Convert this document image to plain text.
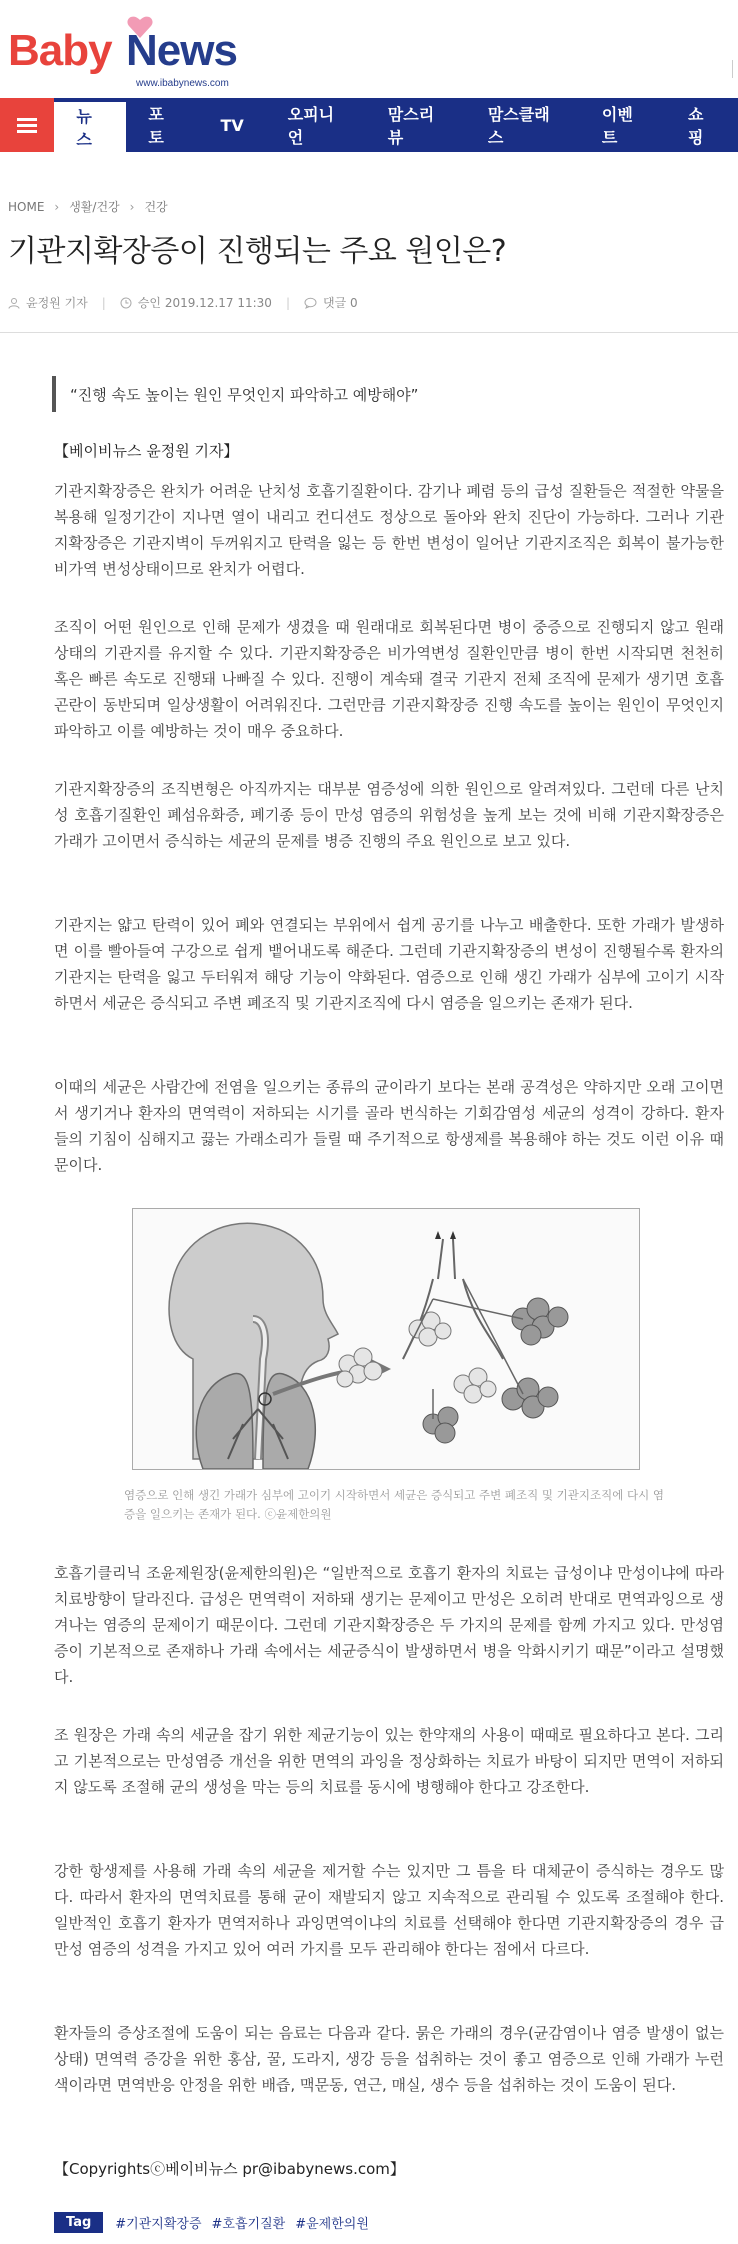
Baby News
www.ibabynews.com
뉴스
포토
TV
오피니언
맘스리뷰
맘스클래스
이벤트
쇼핑
HOME › 생활/건강 › 건강
기관지확장증이 진행되는 주요 원인은?
윤정원 기자 |	승인 2019.12.17 11:30 |	댓글 0
“진행 속도 높이는 원인 무엇인지 파악하고 예방해야”
【베이비뉴스 윤정원 기자】

기관지확장증은 완치가 어려운 난치성 호흡기질환이다. 감기나 폐렴 등의 급성 질환들은 적절한 약물을 복용해 일정기간이 지나면 열이 내리고 컨디션도 정상으로 돌아와 완치 진단이 가능하다. 그러나 기관지확장증은 기관지벽이 두꺼워지고 탄력을 잃는 등 한번 변성이 일어난 기관지조직은 회복이 불가능한 비가역 변성상태이므로 완치가 어렵다.

조직이 어떤 원인으로 인해 문제가 생겼을 때 원래대로 회복된다면 병이 중증으로 진행되지 않고 원래상태의 기관지를 유지할 수 있다. 기관지확장증은 비가역변성 질환인만큼 병이 한번 시작되면 천천히 혹은 빠른 속도로 진행돼 나빠질 수 있다. 진행이 계속돼 결국 기관지 전체 조직에 문제가 생기면 호흡곤란이 동반되며 일상생활이 어려워진다. 그런만큼 기관지확장증 진행 속도를 높이는 원인이 무엇인지 파악하고 이를 예방하는 것이 매우 중요하다.

기관지확장증의 조직변형은 아직까지는 대부분 염증성에 의한 원인으로 알려져있다. 그런데 다른 난치성 호흡기질환인 폐섬유화증, 폐기종 등이 만성 염증의 위험성을 높게 보는 것에 비해 기관지확장증은 가래가 고이면서 증식하는 세균의 문제를 병증 진행의 주요 원인으로 보고 있다.

기관지는 얇고 탄력이 있어 폐와 연결되는 부위에서 쉽게 공기를 나누고 배출한다. 또한 가래가 발생하면 이를 빨아들여 구강으로 쉽게 뱉어내도록 해준다. 그런데 기관지확장증의 변성이 진행될수록 환자의 기관지는 탄력을 잃고 두터워져 해당 기능이 약화된다. 염증으로 인해 생긴 가래가 심부에 고이기 시작하면서 세균은 증식되고 주변 폐조직 및 기관지조직에 다시 염증을 일으키는 존재가 된다.

이때의 세균은 사람간에 전염을 일으키는 종류의 균이라기 보다는 본래 공격성은 약하지만 오래 고이면서 생기거나 환자의 면역력이 저하되는 시기를 골라 번식하는 기회감염성 세균의 성격이 강하다. 환자들의 기침이 심해지고 끓는 가래소리가 들릴 때 주기적으로 항생제를 복용해야 하는 것도 이런 이유 때문이다.

염증으로 인해 생긴 가래가 심부에 고이기 시작하면서 세균은 증식되고 주변 폐조직 및 기관지조직에 다시 염증을 일으키는 존재가 된다. ⓒ윤제한의원

호흡기클리닉 조윤제원장(윤제한의원)은 “일반적으로 호흡기 환자의 치료는 급성이냐 만성이냐에 따라 치료방향이 달라진다. 급성은 면역력이 저하돼 생기는 문제이고 만성은 오히려 반대로 면역과잉으로 생겨나는 염증의 문제이기 때문이다. 그런데 기관지확장증은 두 가지의 문제를 함께 가지고 있다. 만성염증이 기본적으로 존재하나 가래 속에서는 세균증식이 발생하면서 병을 악화시키기 때문”이라고 설명했다.

조 원장은 가래 속의 세균을 잡기 위한 제균기능이 있는 한약재의 사용이 때때로 필요하다고 본다. 그리고 기본적으로는 만성염증 개선을 위한 면역의 과잉을 정상화하는 치료가 바탕이 되지만 면역이 저하되지 않도록 조절해 균의 생성을 막는 등의 치료를 동시에 병행해야 한다고 강조한다.

강한 항생제를 사용해 가래 속의 세균을 제거할 수는 있지만 그 틈을 타 대체균이 증식하는 경우도 많다. 따라서 환자의 면역치료를 통해 균이 재발되지 않고 지속적으로 관리될 수 있도록 조절해야 한다. 일반적인 호흡기 환자가 면역저하나 과잉면역이냐의 치료를 선택해야 한다면 기관지확장증의 경우 급만성 염증의 성격을 가지고 있어 여러 가지를 모두 관리해야 한다는 점에서 다르다.

환자들의 증상조절에 도움이 되는 음료는 다음과 같다. 묽은 가래의 경우(균감염이나 염증 발생이 없는 상태) 면역력 증강을 위한 홍삼, 꿀, 도라지, 생강 등을 섭취하는 것이 좋고 염증으로 인해 가래가 누런 색이라면 면역반응 안정을 위한 배즙, 맥문동, 연근, 매실, 생수 등을 섭취하는 것이 도움이 된다.

【Copyrightsⓒ베이비뉴스 pr@ibabynews.com】
Tag	#기관지확장증 #호흡기질환 #윤제한의원
